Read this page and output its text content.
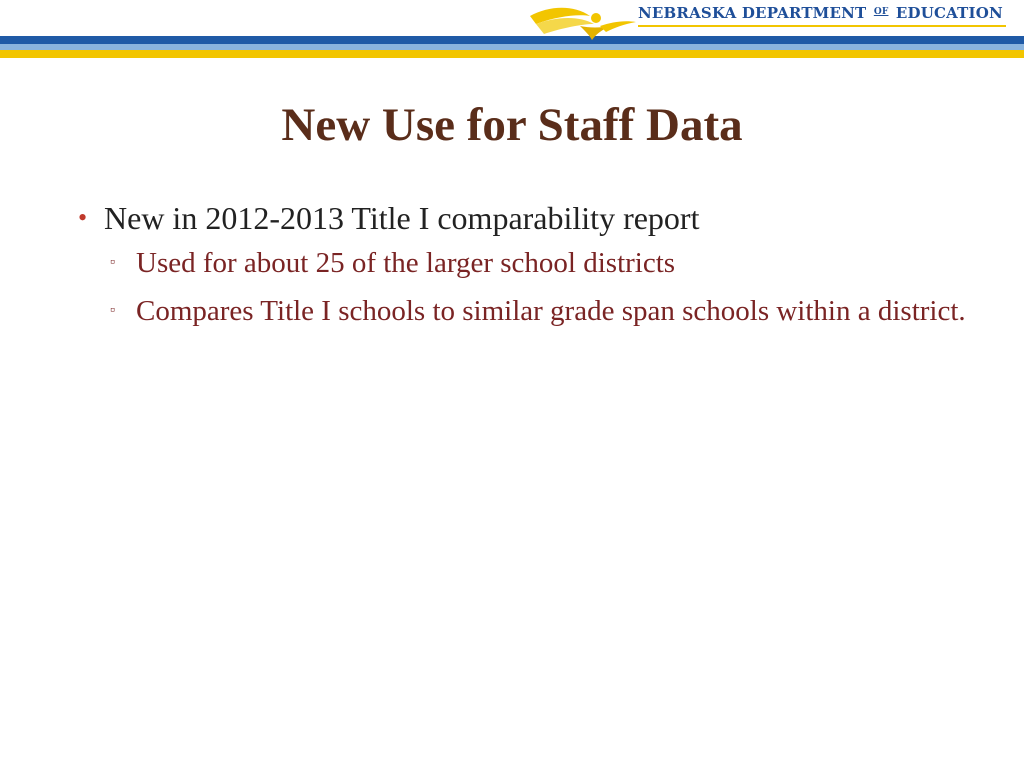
NEBRASKA DEPARTMENT $^{OF}$ EDUCATION
New Use for Staff Data
• New in 2012-2013 Title I comparability report
▫ Used for about 25 of the larger school districts
▫ Compares Title I schools to similar grade span schools within a district.
